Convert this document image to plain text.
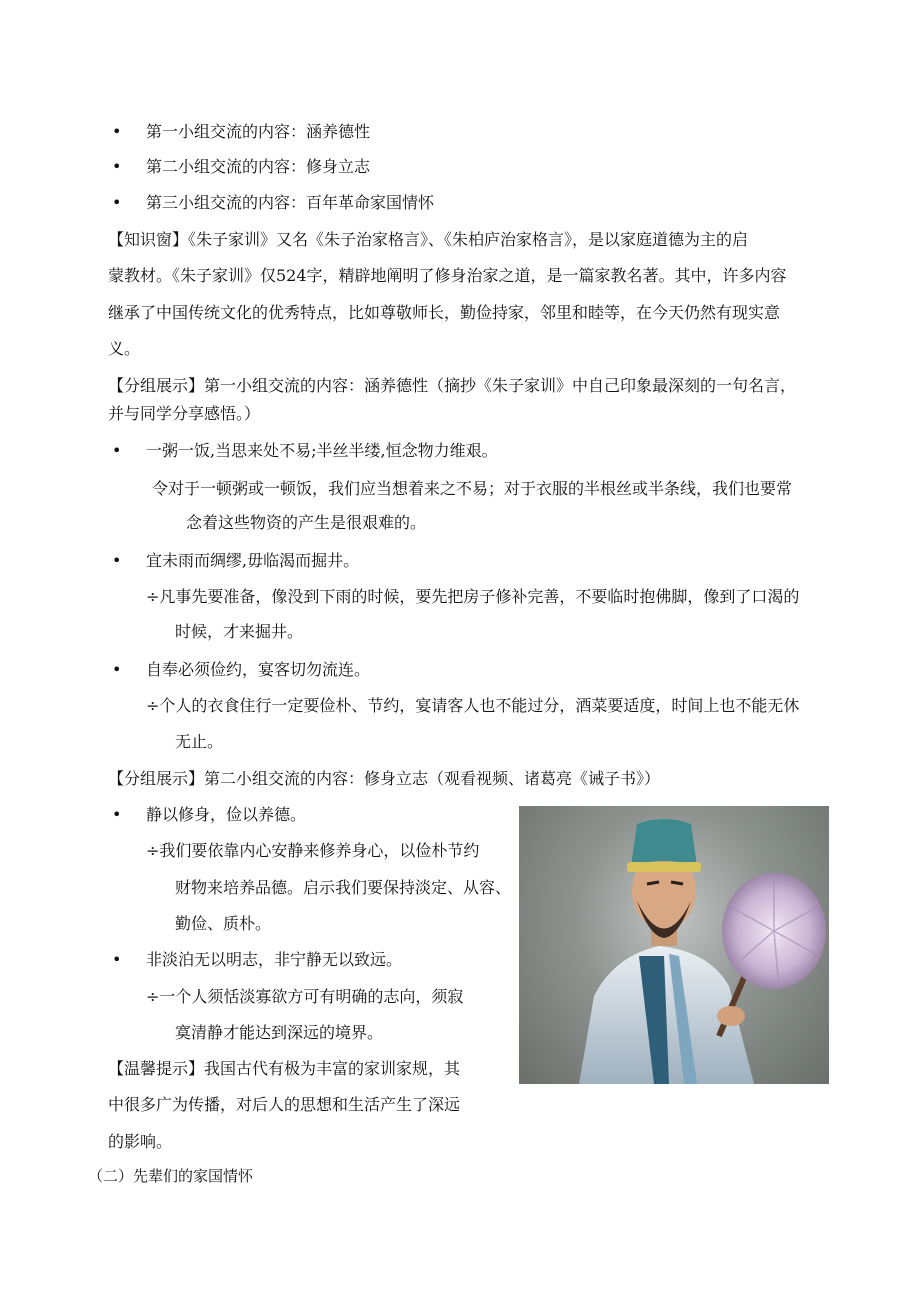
• 第一小组交流的内容：涵养德性
• 第二小组交流的内容：修身立志
• 第三小组交流的内容：百年革命家国情怀
【知识窗】《朱子家训》又名《朱子治家格言》、《朱柏庐治家格言》，是以家庭道德为主的启
蒙教材。《朱子家训》仅524字，精辟地阐明了修身治家之道，是一篇家教名著。其中，许多内容
继承了中国传统文化的优秀特点，比如尊敬师长，勤俭持家，邻里和睦等，在今天仍然有现实意
义。
【分组展示】第一小组交流的内容：涵养德性（摘抄《朱子家训》中自己印象最深刻的一句名言，
并与同学分享感悟。）
• 一粥一饭,当思来处不易;半丝半缕,恒念物力维艰。
令对于一顿粥或一顿饭，我们应当想着来之不易；对于衣服的半根丝或半条线，我们也要常
念着这些物资的产生是很艰难的。
• 宜未雨而绸缪,毋临渴而掘井。
÷凡事先要准备，像没到下雨的时候，要先把房子修补完善，不要临时抱佛脚，像到了口渴的
时候，才来掘井。
• 自奉必须俭约，宴客切勿流连。
÷个人的衣食住行一定要俭朴、节约，宴请客人也不能过分，酒菜要适度，时间上也不能无休
无止。
【分组展示】第二小组交流的内容：修身立志（观看视频、诸葛亮《诫子书》）
• 静以修身，俭以养德。
÷我们要依靠内心安静来修养身心，以俭朴节约
财物来培养品德。启示我们要保持淡定、从容、
勤俭、质朴。
• 非淡泊无以明志，非宁静无以致远。
÷一个人须恬淡寡欲方可有明确的志向，须寂
寞清静才能达到深远的境界。
【温馨提示】我国古代有极为丰富的家训家规，其
中很多广为传播，对后人的思想和生活产生了深远
的影响。
（二）先辈们的家国情怀
